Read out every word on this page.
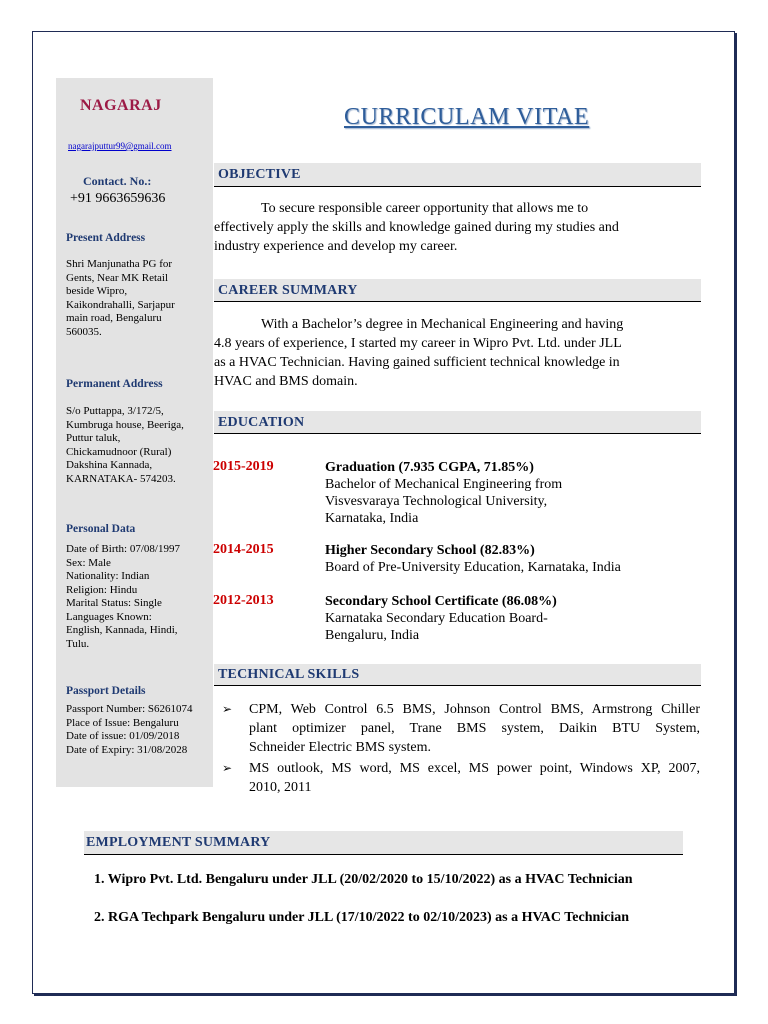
NAGARAJ
nagarajputtur99@gmail.com
Contact. No.:
+91 9663659636
Present Address
Shri Manjunatha PG for
Gents, Near MK Retail
beside Wipro,
Kaikondrahalli, Sarjapur
main road, Bengaluru
560035.
Permanent Address
S/o Puttappa, 3/172/5,
Kumbruga house, Beeriga,
Puttur taluk,
Chickamudnoor (Rural)
Dakshina Kannada,
KARNATAKA- 574203.
Personal Data
Date of Birth: 07/08/1997
Sex: Male
Nationality: Indian
Religion: Hindu
Marital Status: Single
Languages Known:
English, Kannada, Hindi,
Tulu.
Passport Details
Passport Number: S6261074
Place of Issue: Bengaluru
Date of issue: 01/09/2018
Date of Expiry: 31/08/2028
CURRICULAM VITAE
OBJECTIVE
To secure responsible career opportunity that allows me to
effectively apply the skills and knowledge gained during my studies and
industry experience and develop my career.
CAREER SUMMARY
With a Bachelor’s degree in Mechanical Engineering and having
4.8 years of experience, I started my career in Wipro Pvt. Ltd. under JLL
as a HVAC Technician. Having gained sufficient technical knowledge in
HVAC and BMS domain.
EDUCATION
2015-2019	Graduation (7.935 CGPA, 71.85%)
Bachelor of Mechanical Engineering from
Visvesvaraya Technological University,
Karnataka, India
2014-2015	Higher Secondary School (82.83%)
Board of Pre-University Education, Karnataka, India
2012-2013	Secondary School Certificate (86.08%)
Karnataka Secondary Education Board-
Bengaluru, India
TECHNICAL SKILLS
➢ CPM, Web Control 6.5 BMS, Johnson Control BMS, Armstrong Chiller
plant optimizer panel, Trane BMS system, Daikin BTU System,
Schneider Electric BMS system.
➢ MS outlook, MS word, MS excel, MS power point, Windows XP, 2007,
2010, 2011
EMPLOYMENT SUMMARY
1. Wipro Pvt. Ltd. Bengaluru under JLL (20/02/2020 to 15/10/2022) as a HVAC Technician
2. RGA Techpark Bengaluru under JLL (17/10/2022 to 02/10/2023) as a HVAC Technician
